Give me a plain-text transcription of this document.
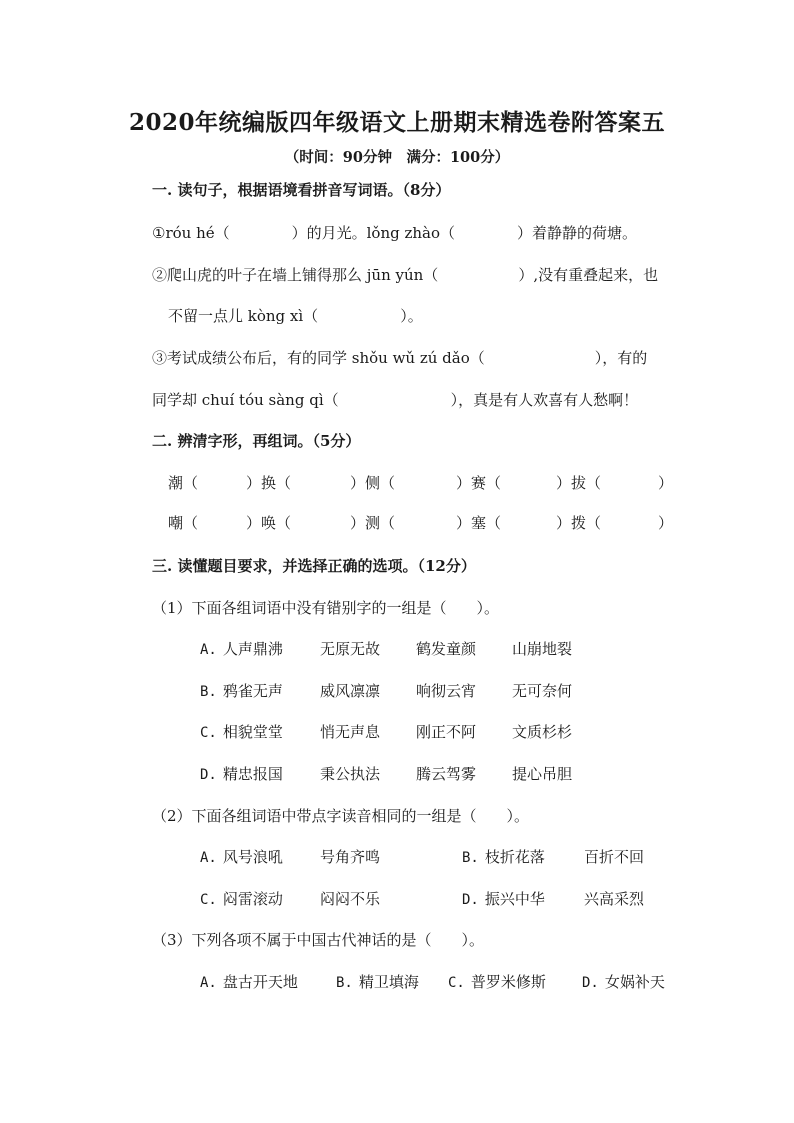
2020年统编版四年级语文上册期末精选卷附答案五
（时间：90分钟　满分：100分）
一. 读句子，根据语境看拼音写词语。（8分）
①róu hé（	）的月光。lǒng zhào（	）着静静的荷塘。
②爬山虎的叶子在墙上铺得那么 jūn yún（	）,没有重叠起来，也
不留一点儿 kòng xì（	）。
③考试成绩公布后，有的同学 shǒu wǔ zú dǎo（	），有的
同学却 chuí tóu sàng qì（	），真是有人欢喜有人愁啊！
二. 辨清字形，再组词。（5分）
潮（	）换（	）侧（	）赛（	）拔（	）
嘲（	）唤（	）测（	）塞（	）拨（	）
三. 读懂题目要求，并选择正确的选项。（12分）
（1）下面各组词语中没有错别字的一组是（　　）。
A. 人声鼎沸 无原无故 鹤发童颜 山崩地裂
B. 鸦雀无声 威风凛凛 响彻云宵 无可奈何
C. 相貌堂堂 悄无声息 刚正不阿 文质杉杉
D. 精忠报国 秉公执法 腾云驾雾 提心吊胆
（2）下面各组词语中带点字读音相同的一组是（　　）。
A. 风号浪吼 号角齐鸣	B. 枝折花落	百折不回
C. 闷雷滚动 闷闷不乐	D. 振兴中华	兴高采烈
（3）下列各项不属于中国古代神话的是（　　）。
A. 盘古开天地	B. 精卫填海 C. 普罗米修斯	D. 女娲补天
